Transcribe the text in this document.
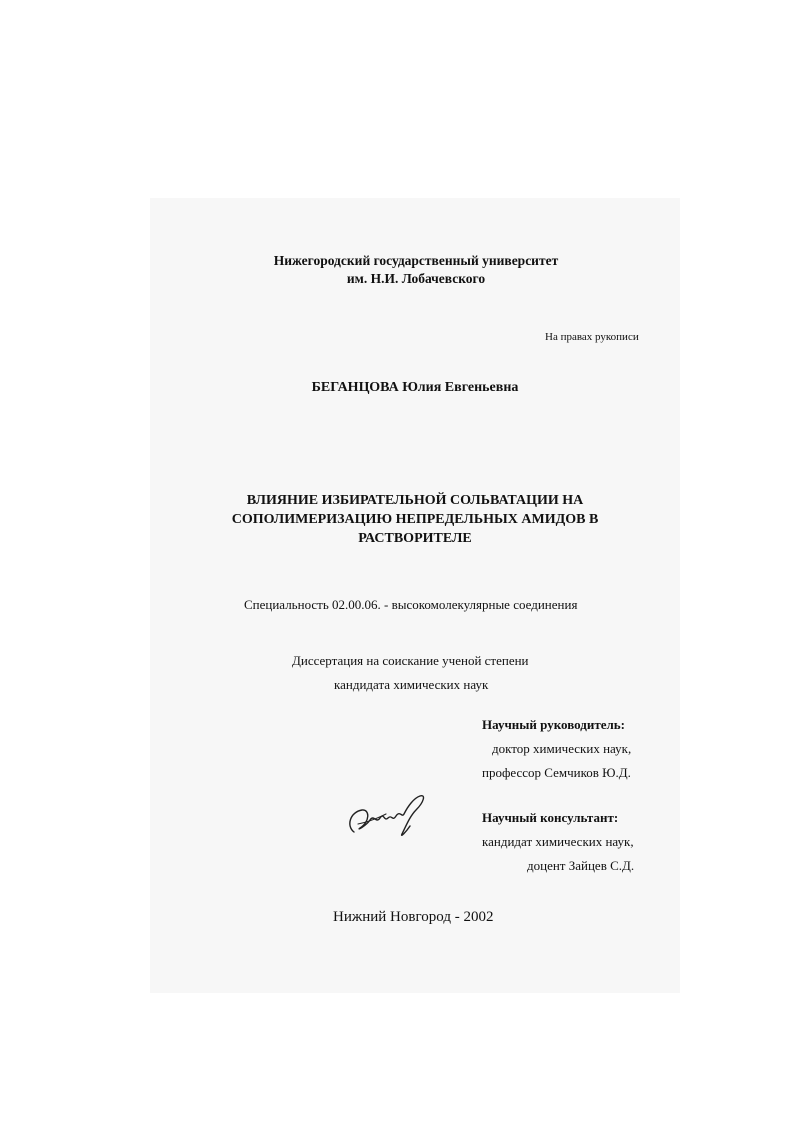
Нижегородский государственный университет
им. Н.И. Лобачевского
На правах рукописи
БЕГАНЦОВА Юлия Евгеньевна
ВЛИЯНИЕ ИЗБИРАТЕЛЬНОЙ СОЛЬВАТАЦИИ НА
СОПОЛИМЕРИЗАЦИЮ НЕПРЕДЕЛЬНЫХ АМИДОВ В
РАСТВОРИТЕЛЕ
Специальность 02.00.06. - высокомолекулярные соединения
Диссертация на соискание ученой степени
кандидата химических наук
Научный руководитель:
доктор химических наук,
профессор Семчиков Ю.Д.
Научный консультант:
кандидат химических наук,
доцент Зайцев С.Д.
Нижний Новгород - 2002
